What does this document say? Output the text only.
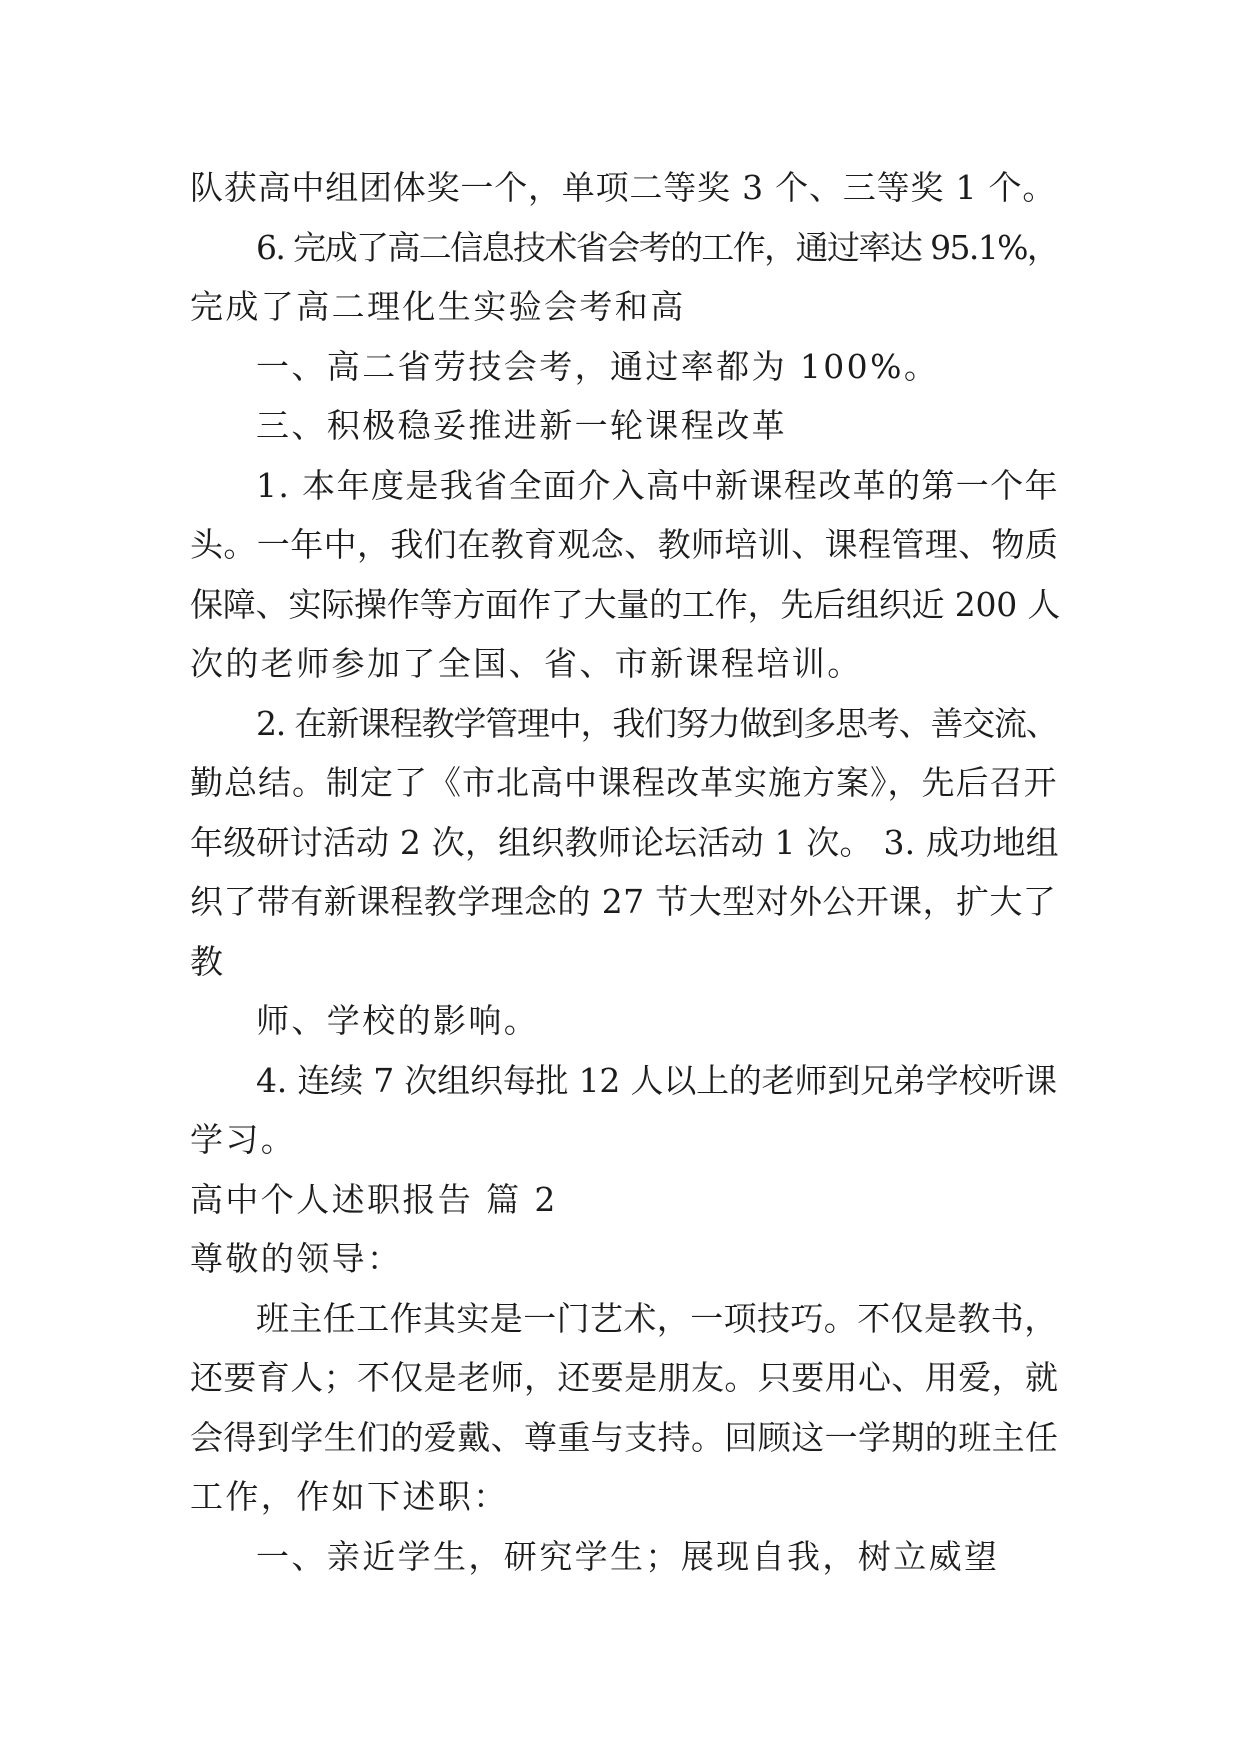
队获高中组团体奖一个，单项二等奖 3 个、三等奖 1 个。

6. 完成了高二信息技术省会考的工作，通过率达 95.1%，

完成了高二理化生实验会考和高

一、高二省劳技会考，通过率都为 100%。

三、积极稳妥推进新一轮课程改革

1. 本年度是我省全面介入高中新课程改革的第一个年

头。一年中，我们在教育观念、教师培训、课程管理、物质

保障、实际操作等方面作了大量的工作，先后组织近 200 人

次的老师参加了全国、省、市新课程培训。

2. 在新课程教学管理中，我们努力做到多思考、善交流、

勤总结。制定了《市北高中课程改革实施方案》，先后召开

年级研讨活动 2 次，组织教师论坛活动 1 次。 3. 成功地组

织了带有新课程教学理念的 27 节大型对外公开课，扩大了

教

师、学校的影响。

4. 连续 7 次组织每批 12 人以上的老师到兄弟学校听课

学习。

高中个人述职报告 篇 2

尊敬的领导：

班主任工作其实是一门艺术，一项技巧。不仅是教书，

还要育人；不仅是老师，还要是朋友。只要用心、用爱，就

会得到学生们的爱戴、尊重与支持。回顾这一学期的班主任

工作，作如下述职：

一、亲近学生，研究学生；展现自我，树立威望
